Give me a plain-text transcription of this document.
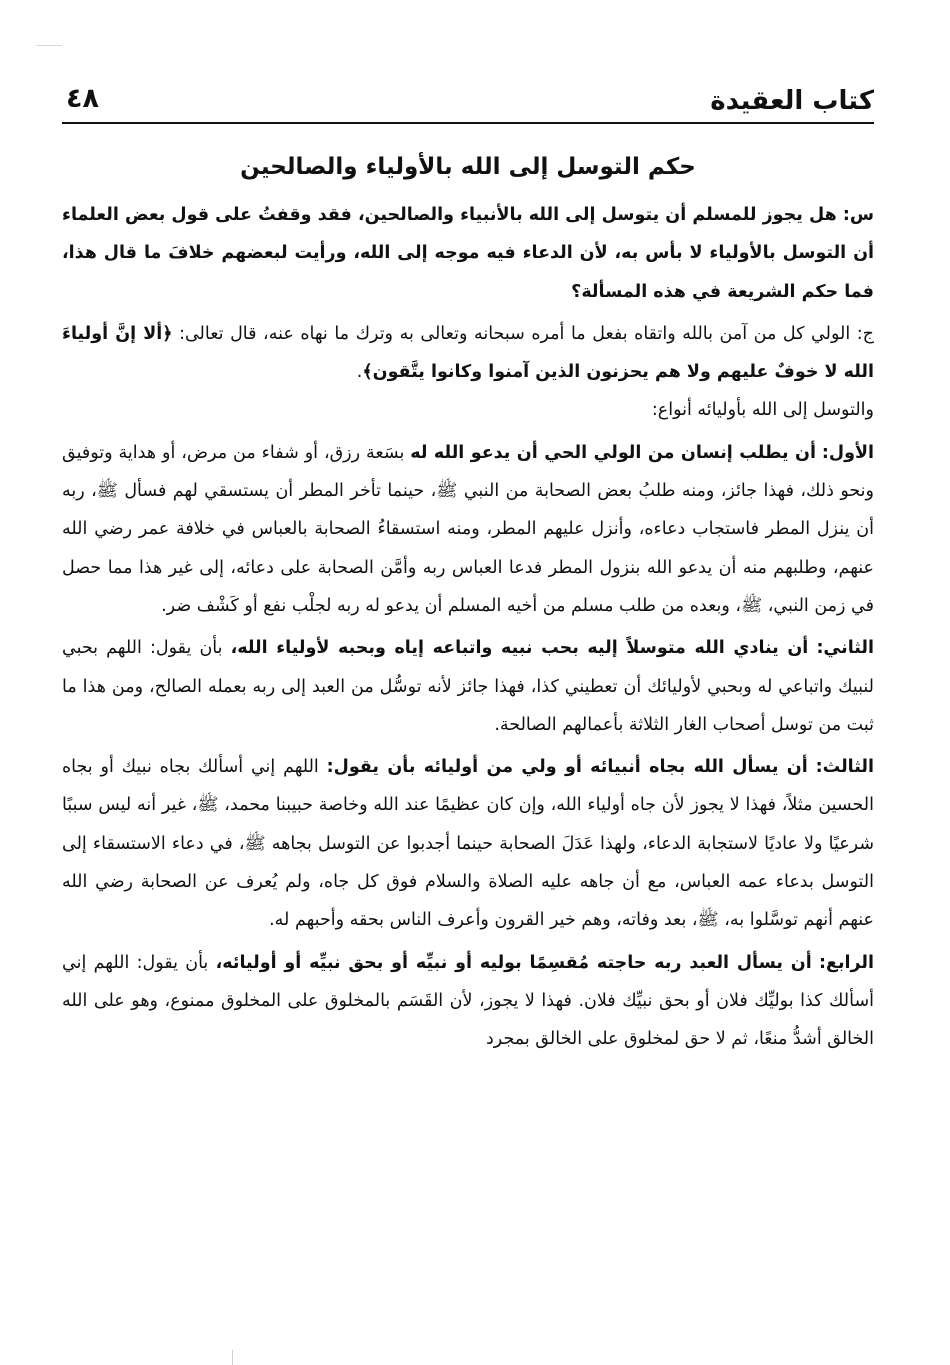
كتاب العقيدة
٤٨
حكم التوسل إلى الله بالأولياء والصالحين

س: هل يجوز للمسلم أن يتوسل إلى الله بالأنبياء والصالحين، فقد وقفتُ على قول بعض العلماء أن التوسل بالأولياء لا بأس به، لأن الدعاء فيه موجه إلى الله، ورأيت لبعضهم خلافَ ما قال هذا، فما حكم الشريعة في هذه المسألة؟

ج: الولي كل من آمن بالله واتقاه بفعل ما أمره سبحانه وتعالى به وترك ما نهاه عنه، قال تعالى: ﴿ألا إنَّ أولياءَ الله لا خوفٌ عليهم ولا هم يحزنون الذين آمنوا وكانوا يتَّقون﴾.
والتوسل إلى الله بأوليائه أنواع:

الأول: أن يطلب إنسان من الولي الحي أن يدعو الله له بسَعة رزق، أو شفاء من مرض، أو هداية وتوفيق ونحو ذلك، فهذا جائز، ومنه طلبُ بعض الصحابة من النبي ﷺ، حينما تأخر المطر أن يستسقي لهم فسأل ﷺ، ربه أن ينزل المطر فاستجاب دعاءه، وأنزل عليهم المطر، ومنه استسقاءُ الصحابة بالعباس في خلافة عمر رضي الله عنهم، وطلبهم منه أن يدعو الله بنزول المطر فدعا العباس ربه وأمَّن الصحابة على دعائه، إلى غير هذا مما حصل في زمن النبي، ﷺ، وبعده من طلب مسلم من أخيه المسلم أن يدعو له ربه لجلْب نفع أو كَشْف ضر.

الثاني: أن ينادي الله متوسلاً إليه بحب نبيه واتباعه إياه وبحبه لأولياء الله، بأن يقول: اللهم بحبي لنبيك واتباعي له وبحبي لأوليائك أن تعطيني كذا، فهذا جائز لأنه توسُّل من العبد إلى ربه بعمله الصالح، ومن هذا ما ثبت من توسل أصحاب الغار الثلاثة بأعمالهم الصالحة.

الثالث: أن يسأل الله بجاه أنبيائه أو ولي من أوليائه بأن يقول: اللهم إني أسألك بجاه نبيك أو بجاه الحسين مثلاً، فهذا لا يجوز لأن جاه أولياء الله، وإن كان عظيمًا عند الله وخاصة حبيبنا محمد، ﷺ، غير أنه ليس سببًا شرعيًا ولا عاديًا لاستجابة الدعاء، ولهذا عَدَلَ الصحابة حينما أجدبوا عن التوسل بجاهه ﷺ، في دعاء الاستسقاء إلى التوسل بدعاء عمه العباس، مع أن جاهه عليه الصلاة والسلام فوق كل جاه، ولم يُعرف عن الصحابة رضي الله عنهم أنهم توسَّلوا به، ﷺ، بعد وفاته، وهم خير القرون وأعرف الناس بحقه وأحبهم له.

الرابع: أن يسأل العبد ربه حاجته مُقسِمًا بوليه أو نبيِّه أو بحق نبيِّه أو أوليائه، بأن يقول: اللهم إني أسألك كذا بوليِّك فلان أو بحق نبيِّك فلان. فهذا لا يجوز، لأن القَسَم بالمخلوق على المخلوق ممنوع، وهو على الله الخالق أشدُّ منعًا، ثم لا حق لمخلوق على الخالق بمجرد
